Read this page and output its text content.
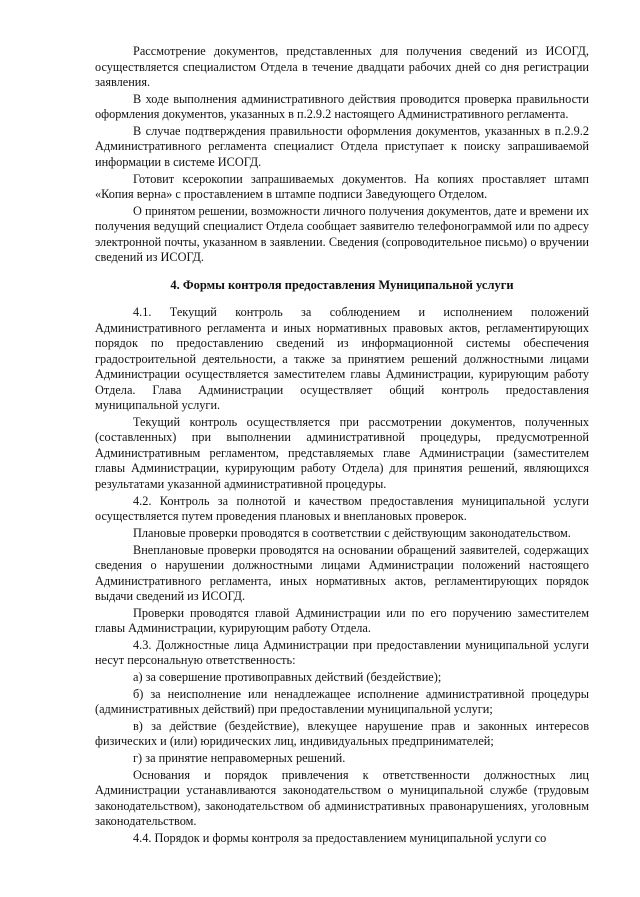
Рассмотрение документов, представленных для получения сведений из ИСОГД, осуществляется специалистом Отдела в течение двадцати рабочих дней со дня регистрации заявления.

В ходе выполнения административного действия проводится проверка правильности оформления документов, указанных в п.2.9.2 настоящего Административного регламента.

В случае подтверждения правильности оформления документов, указанных в п.2.9.2 Административного регламента специалист Отдела приступает к поиску запрашиваемой информации в системе ИСОГД.

Готовит ксерокопии запрашиваемых документов. На копиях проставляет штамп «Копия верна» с проставлением в штампе подписи Заведующего Отделом.

О принятом решении, возможности личного получения документов, дате и времени их получения ведущий специалист Отдела сообщает заявителю телефонограммой или по адресу электронной почты, указанном в заявлении. Сведения (сопроводительное письмо) о вручении сведений из ИСОГД.

4. Формы контроля предоставления Муниципальной услуги

4.1. Текущий контроль за соблюдением и исполнением положений Административного регламента и иных нормативных правовых актов, регламентирующих порядок по предоставлению сведений из информационной системы обеспечения градостроительной деятельности, а также за принятием решений должностными лицами Администрации осуществляется заместителем главы Администрации, курирующим работу Отдела. Глава Администрации осуществляет общий контроль предоставления муниципальной услуги.

Текущий контроль осуществляется при рассмотрении документов, полученных (составленных) при выполнении административной процедуры, предусмотренной Административным регламентом, представляемых главе Администрации (заместителем главы Администрации, курирующим работу Отдела) для принятия решений, являющихся результатами указанной административной процедуры.

4.2. Контроль за полнотой и качеством предоставления муниципальной услуги осуществляется путем проведения плановых и внеплановых проверок.

Плановые проверки проводятся в соответствии с действующим законодательством.

Внеплановые проверки проводятся на основании обращений заявителей, содержащих сведения о нарушении должностными лицами Администрации положений настоящего Административного регламента, иных нормативных актов, регламентирующих порядок выдачи сведений из ИСОГД.

Проверки проводятся главой Администрации или по его поручению заместителем главы Администрации, курирующим работу Отдела.

4.3. Должностные лица Администрации при предоставлении муниципальной услуги несут персональную ответственность:

а) за совершение противоправных действий (бездействие);

б) за неисполнение или ненадлежащее исполнение административной процедуры (административных действий) при предоставлении муниципальной услуги;

в) за действие (бездействие), влекущее нарушение прав и законных интересов физических и (или) юридических лиц, индивидуальных предпринимателей;

г) за принятие неправомерных решений.

Основания и порядок привлечения к ответственности должностных лиц Администрации устанавливаются законодательством о муниципальной службе (трудовым законодательством), законодательством об административных правонарушениях, уголовным законодательством.

4.4. Порядок и формы контроля за предоставлением муниципальной услуги со
